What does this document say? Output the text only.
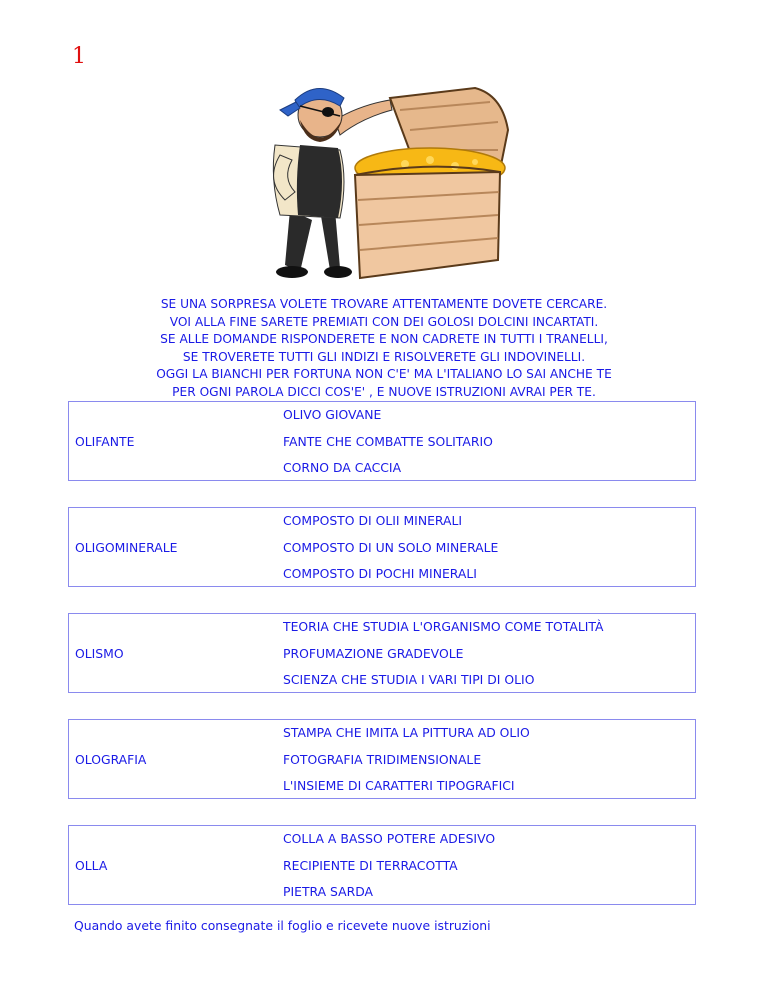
1

SE UNA SORPRESA VOLETE TROVARE ATTENTAMENTE DOVETE CERCARE.
VOI ALLA FINE SARETE PREMIATI CON DEI GOLOSI DOLCINI INCARTATI.
SE ALLE DOMANDE RISPONDERETE E NON CADRETE IN TUTTI I TRANELLI,
SE TROVERETE TUTTI GLI INDIZI E RISOLVERETE GLI INDOVINELLI.

OGGI LA BIANCHI PER FORTUNA NON C'E' MA L'ITALIANO LO SAI ANCHE TE
PER OGNI PAROLA DICCI COS'E' , E NUOVE ISTRUZIONI AVRAI PER TE.

OLIFANTE
OLIVO GIOVANE
FANTE CHE COMBATTE SOLITARIO
CORNO DA CACCIA
OLIGOMINERALE
COMPOSTO DI OLII MINERALI
COMPOSTO DI UN SOLO MINERALE
COMPOSTO DI POCHI MINERALI
OLISMO
TEORIA CHE STUDIA L'ORGANISMO COME TOTALITÀ
PROFUMAZIONE GRADEVOLE
SCIENZA CHE STUDIA I VARI TIPI DI OLIO
OLOGRAFIA
STAMPA CHE IMITA LA PITTURA AD OLIO
FOTOGRAFIA TRIDIMENSIONALE
L'INSIEME DI CARATTERI TIPOGRAFICI
OLLA
COLLA A BASSO POTERE ADESIVO
RECIPIENTE DI TERRACOTTA
PIETRA SARDA
Quando avete finito consegnate il foglio e ricevete nuove istruzioni
